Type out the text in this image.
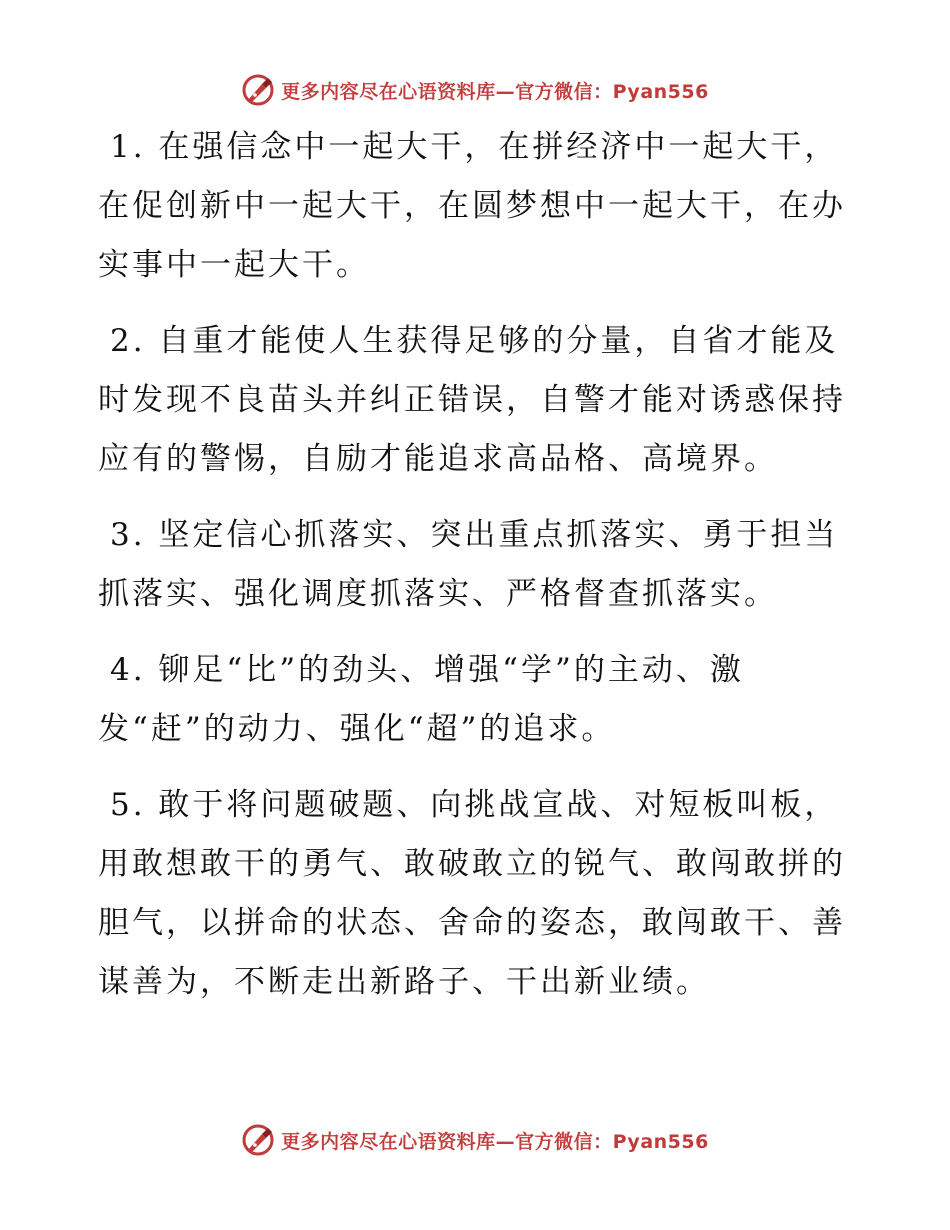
更多内容尽在心语资料库—官方微信：Pyan556

1. 在强信念中一起大干，在拼经济中一起大干，在促创新中一起大干，在圆梦想中一起大干，在办实事中一起大干。

2. 自重才能使人生获得足够的分量，自省才能及时发现不良苗头并纠正错误，自警才能对诱惑保持应有的警惕，自励才能追求高品格、高境界。

3. 坚定信心抓落实、突出重点抓落实、勇于担当抓落实、强化调度抓落实、严格督查抓落实。

4. 铆足“比”的劲头、增强“学”的主动、激发“赶”的动力、强化“超”的追求。

5. 敢于将问题破题、向挑战宣战、对短板叫板，用敢想敢干的勇气、敢破敢立的锐气、敢闯敢拼的胆气，以拼命的状态、舍命的姿态，敢闯敢干、善谋善为，不断走出新路子、干出新业绩。

更多内容尽在心语资料库—官方微信：Pyan556
